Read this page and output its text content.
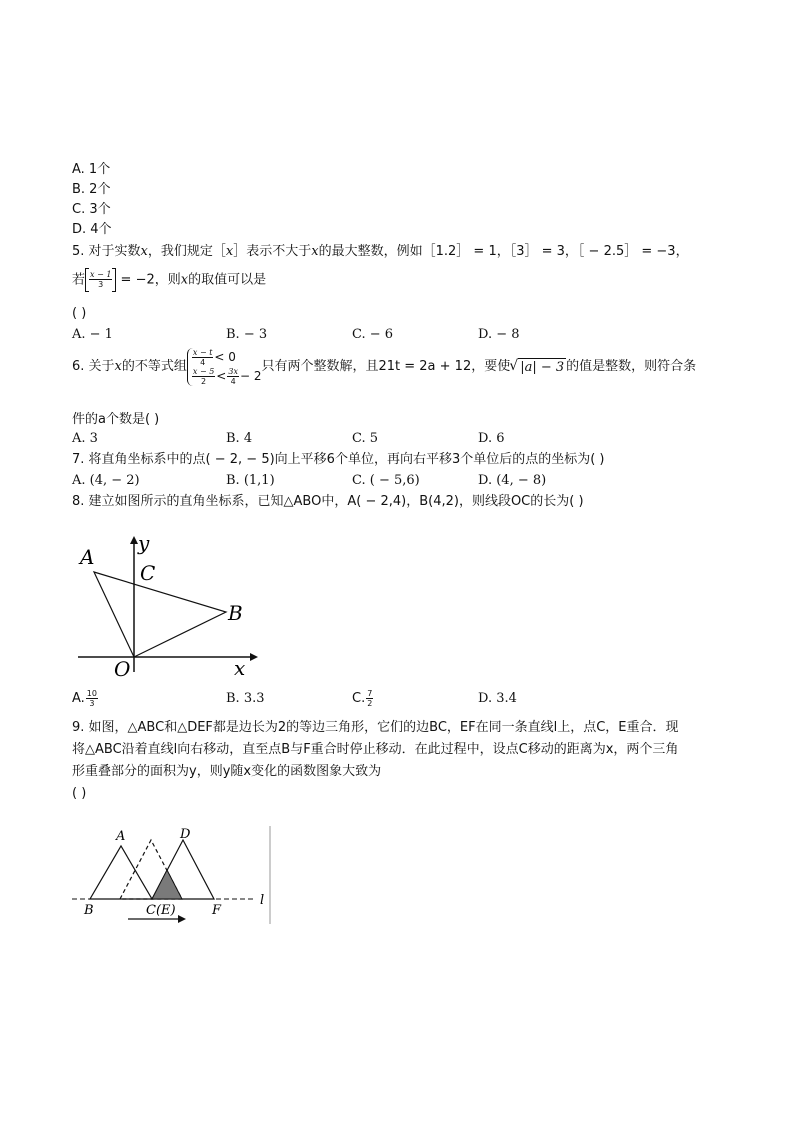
A. 1个
B. 2个
C. 3个
D. 4个
5. 对于实数x，我们规定［x］表示不大于x的最大整数，例如［1.2］ = 1，［3］ = 3，［ − 2.5］ = −3，
若 $\frac{x - 1}{3} = -2$，则x的取值可以是
( )
A. − 1	B. − 3	C. − 6	D. − 8
6. 关于x的不等式组 $\frac{x - t}{4} < 0$
$\frac{x - 5}{2} < \frac{3x}{4} - 2$
只有两个整数解，且21t = 2a + 12，要使√ |a| − 3 的值是整数，则符合条
件的a个数是( )
A. 3	B. 4	C. 5	D. 6
7. 将直角坐标系中的点( − 2, − 5)向上平移6个单位，再向右平移3个单位后的点的坐标为( )
A. (4, − 2)	B. (1,1)	C. ( − 5,6)	D. (4, − 8)
8. 建立如图所示的直角坐标系，已知△ABO中，A( − 2,4)，B(4,2)，则线段OC的长为( )
A
y
C
B
O	x
A. $\frac{10}{3}$	B. 3.3	C. $\frac{7}{2}$	D. 3.4
9. 如图，△ABC和△DEF都是边长为2的等边三角形，它们的边BC，EF在同一条直线l上，点C，E重合．现
将△ABC沿着直线l向右移动，直至点B与F重合时停止移动．在此过程中，设点C移动的距离为x，两个三角
形重叠部分的面积为y，则y随x变化的函数图象大致为
( )
A	D
B	C(E)	F
l
